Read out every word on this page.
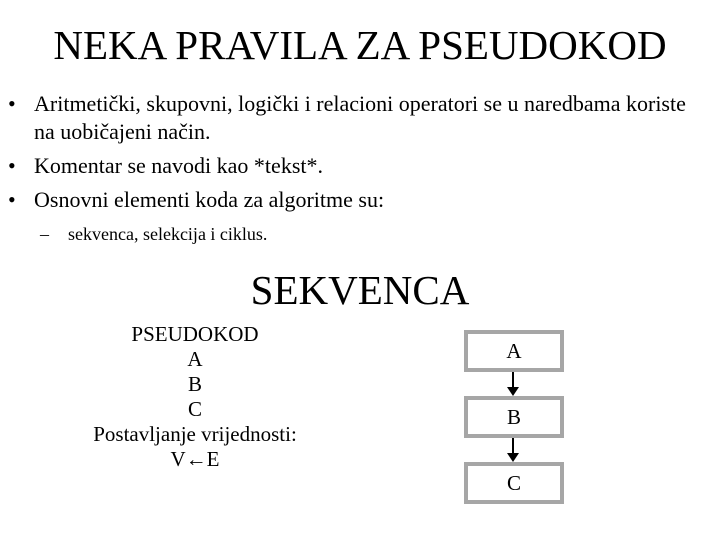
NEKA PRAVILA ZA PSEUDOKOD
• Aritmetički, skupovni, logički i relacioni operatori se u naredbama koriste na uobičajeni način.
• Komentar se navodi kao *tekst*.
• Osnovni elementi koda za algoritme su:
– sekvenca, selekcija i ciklus.
SEKVENCA
PSEUDOKOD
A
B
C
Postavljanje vrijednosti:
V←E
A
B
C
